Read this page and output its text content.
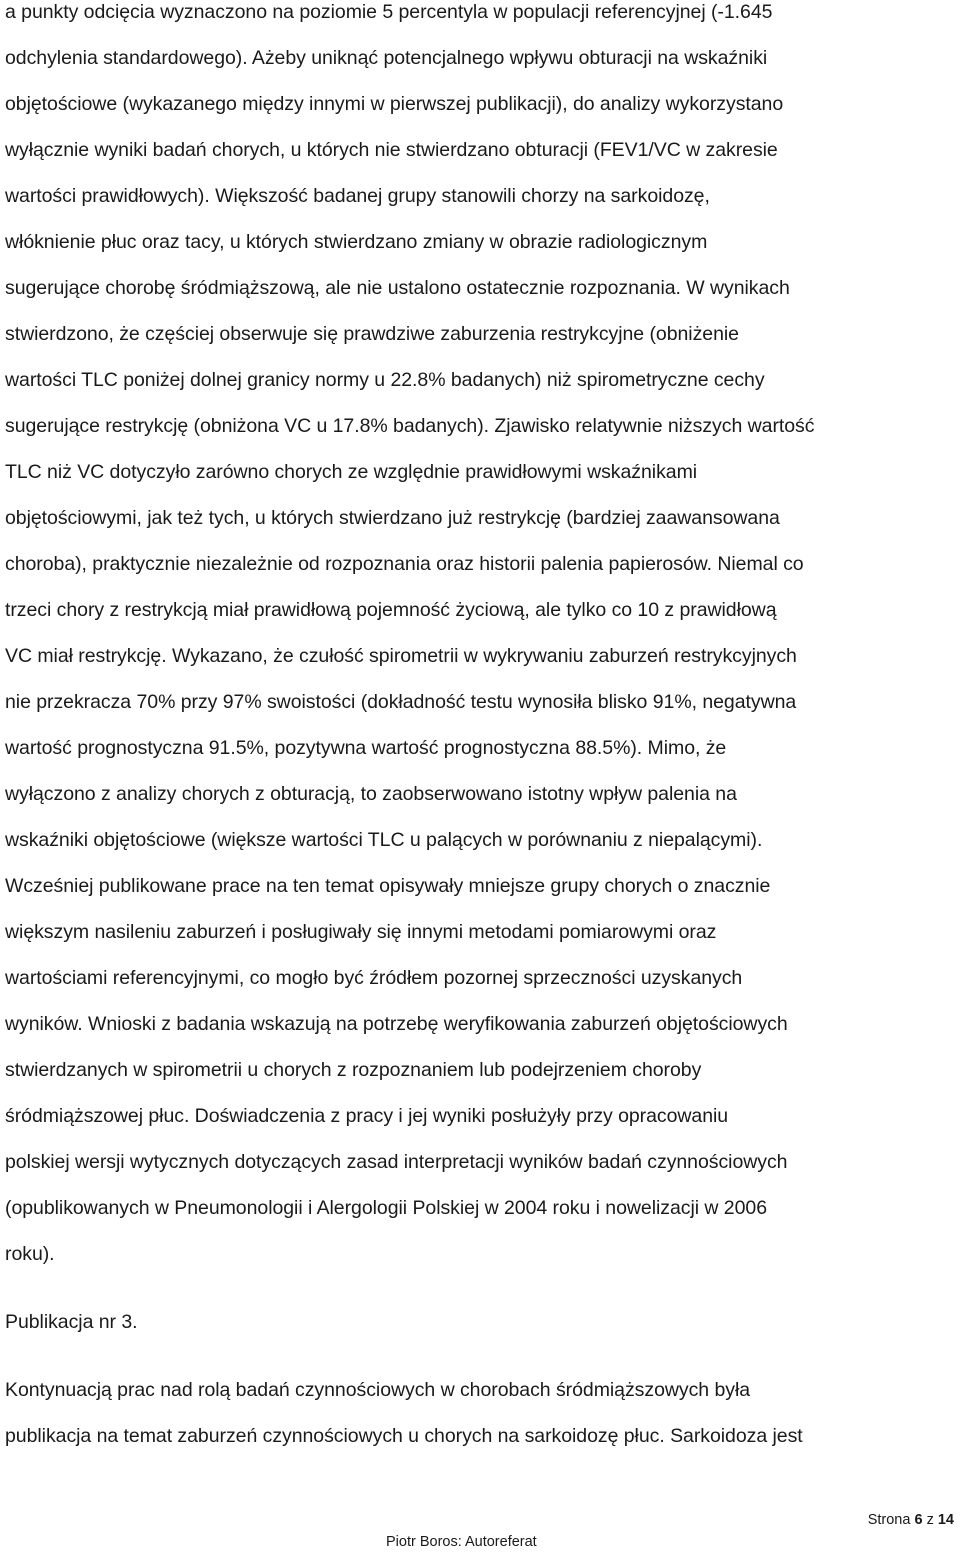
a punkty odcięcia wyznaczono na poziomie 5 percentyla w populacji referencyjnej (-1.645
odchylenia standardowego). Ażeby uniknąć potencjalnego wpływu obturacji na wskaźniki
objętościowe (wykazanego między innymi w pierwszej publikacji), do analizy wykorzystano
wyłącznie wyniki badań chorych, u których nie stwierdzano obturacji (FEV1/VC w zakresie
wartości prawidłowych). Większość badanej grupy stanowili chorzy na sarkoidozę,
włóknienie płuc oraz tacy, u których stwierdzano zmiany w obrazie radiologicznym
sugerujące chorobę śródmiąższową, ale nie ustalono ostatecznie rozpoznania. W wynikach
stwierdzono, że częściej obserwuje się prawdziwe zaburzenia restrykcyjne (obniżenie
wartości TLC poniżej dolnej granicy normy u 22.8% badanych) niż spirometryczne cechy
sugerujące restrykcję (obniżona VC u 17.8% badanych). Zjawisko relatywnie niższych wartość
TLC niż VC dotyczyło zarówno chorych ze względnie prawidłowymi wskaźnikami
objętościowymi, jak też tych, u których stwierdzano już restrykcję (bardziej zaawansowana
choroba), praktycznie niezależnie od rozpoznania oraz historii palenia papierosów. Niemal co
trzeci chory z restrykcją miał prawidłową pojemność życiową, ale tylko co 10 z prawidłową
VC miał restrykcję. Wykazano, że czułość spirometrii w wykrywaniu zaburzeń restrykcyjnych
nie przekracza 70% przy 97% swoistości (dokładność testu wynosiła blisko 91%, negatywna
wartość prognostyczna 91.5%, pozytywna wartość prognostyczna 88.5%). Mimo, że
wyłączono z analizy chorych z obturacją, to zaobserwowano istotny wpływ palenia na
wskaźniki objętościowe (większe wartości TLC u palących w porównaniu z niepalącymi).
Wcześniej publikowane prace na ten temat opisywały mniejsze grupy chorych o znacznie
większym nasileniu zaburzeń i posługiwały się innymi metodami pomiarowymi oraz
wartościami referencyjnymi, co mogło być źródłem pozornej sprzeczności uzyskanych
wyników. Wnioski z badania wskazują na potrzebę weryfikowania zaburzeń objętościowych
stwierdzanych w spirometrii u chorych z rozpoznaniem lub podejrzeniem choroby
śródmiąższowej płuc. Doświadczenia z pracy i jej wyniki posłużyły przy opracowaniu
polskiej wersji wytycznych dotyczących zasad interpretacji wyników badań czynnościowych
(opublikowanych w Pneumonologii i Alergologii Polskiej w 2004 roku i nowelizacji w 2006
roku).
Publikacja nr 3.
Kontynuacją prac nad rolą badań czynnościowych w chorobach śródmiąższowych była
publikacja na temat zaburzeń czynnościowych u chorych na sarkoidozę płuc. Sarkoidoza jest
Strona 6 z 14
Piotr Boros: Autoreferat
